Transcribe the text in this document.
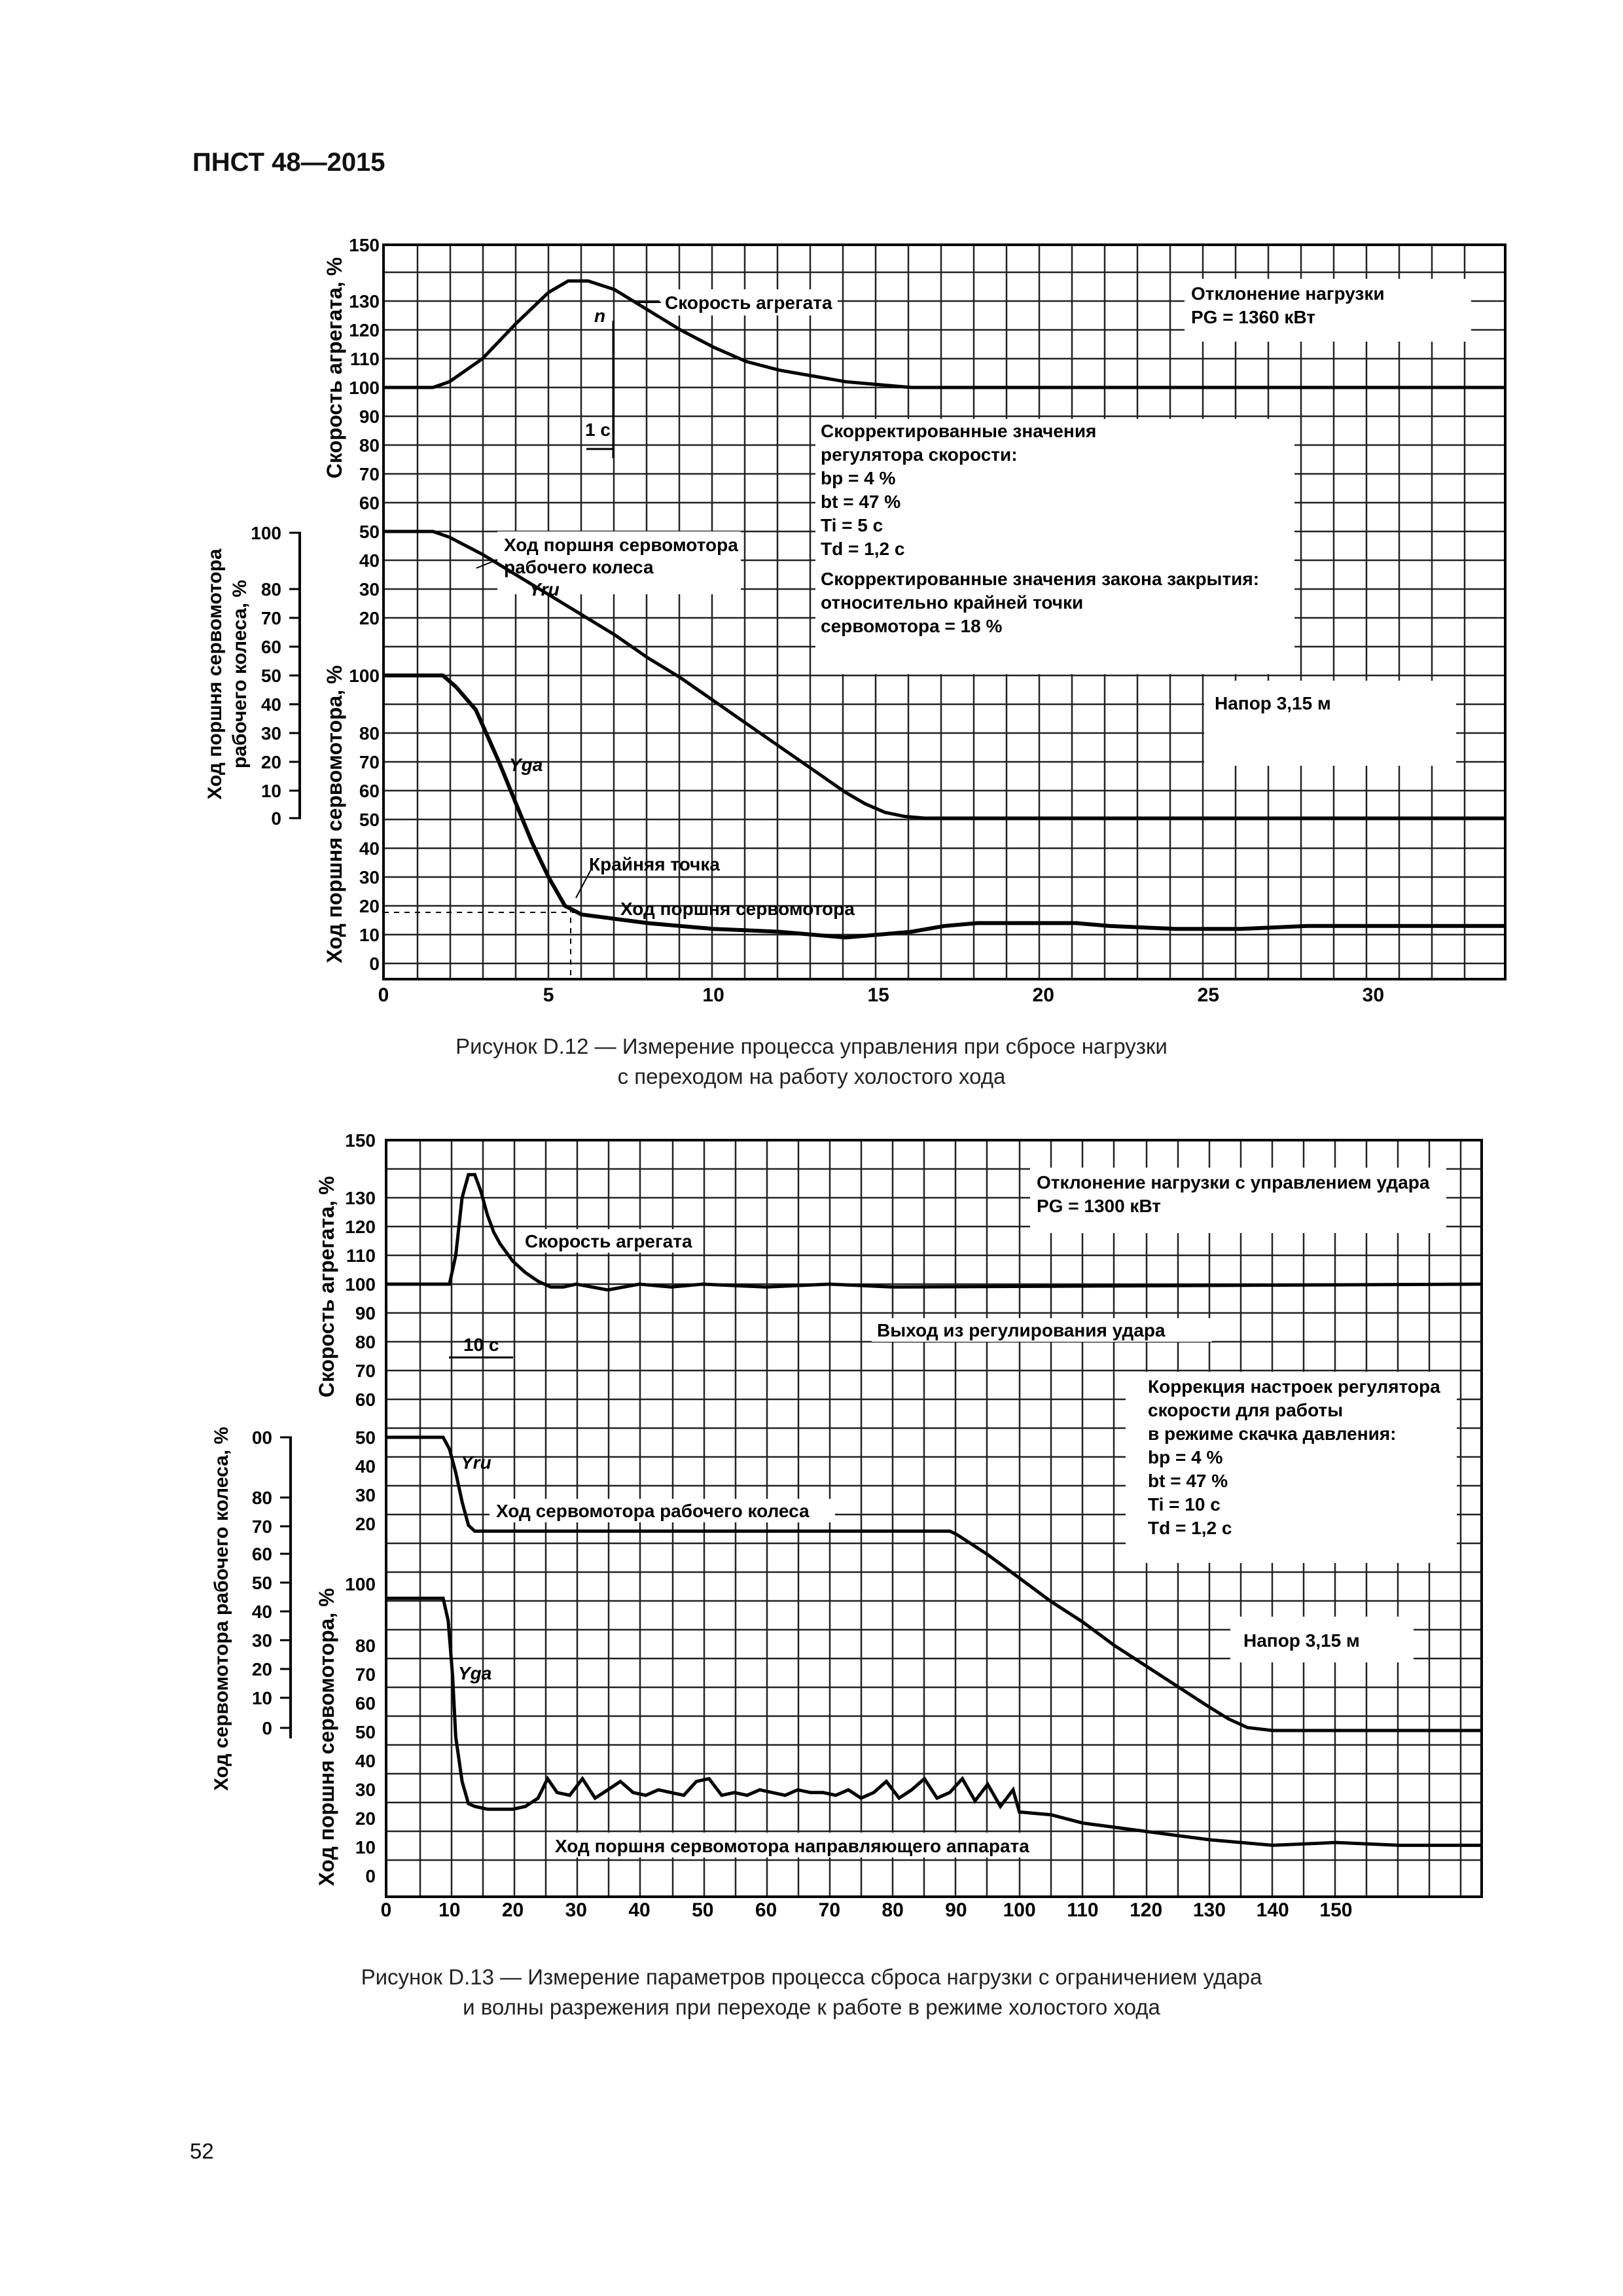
ПНСТ 48—2015
150
130
120
110
100
90
80
70
60
50
40
30
20
100
80
70
60
50
40
30
20
10
0
100
80
70
60
50
40
30
20
10
0
0	5	10	15	20	25	30
Скорость агрегата, %
Ход поршня сервомотора, %
Ход поршня сервомотора рабочего колеса, %
Скорость агрегата
n
Отклонение нагрузки
PG = 1360 кВт
1 с	Скорректированные значения
регулятора скорости:
bp = 4 %
bt = 47 %
Ti = 5 с
Td = 1,2 с
Скорректированные значения закона закрытия:
относительно крайней точки
сервомотора = 18 %
Ход поршня сервомотора
рабочего колеса
Yru
Напор 3,15 м
Yga
Крайняя точка
Ход поршня сервомотора
Рисунок D.12 — Измерение процесса управления при сбросе нагрузки
с переходом на работу холостого хода
150
130
120
110
100
90
80
70
60
50
40
30
20
100
80
70
60
50
40
30
20
10
0
00
80
70
60
50
40
30
20
10
0
0 10 20 30 40 50 60 70 80 90 100 110 120 130 140 150
Скорость агрегата, %
Ход поршня сервомотора, %
Ход сервомотора рабочего колеса, %
Отклонение нагрузки с управлением удара
PG = 1300 кВт
Скорость агрегата
Выход из регулирования удара
10 с
Коррекция настроек регулятора
скорости для работы
в режиме скачка давления:
bp = 4 %
bt = 47 %
Ti = 10 с
Td = 1,2 с
Yru
Ход сервомотора рабочего колеса
Напор 3,15 м
Yga
Ход поршня сервомотора направляющего аппарата
Рисунок D.13 — Измерение параметров процесса сброса нагрузки с ограничением удара
и волны разрежения при переходе к работе в режиме холостого хода
52
